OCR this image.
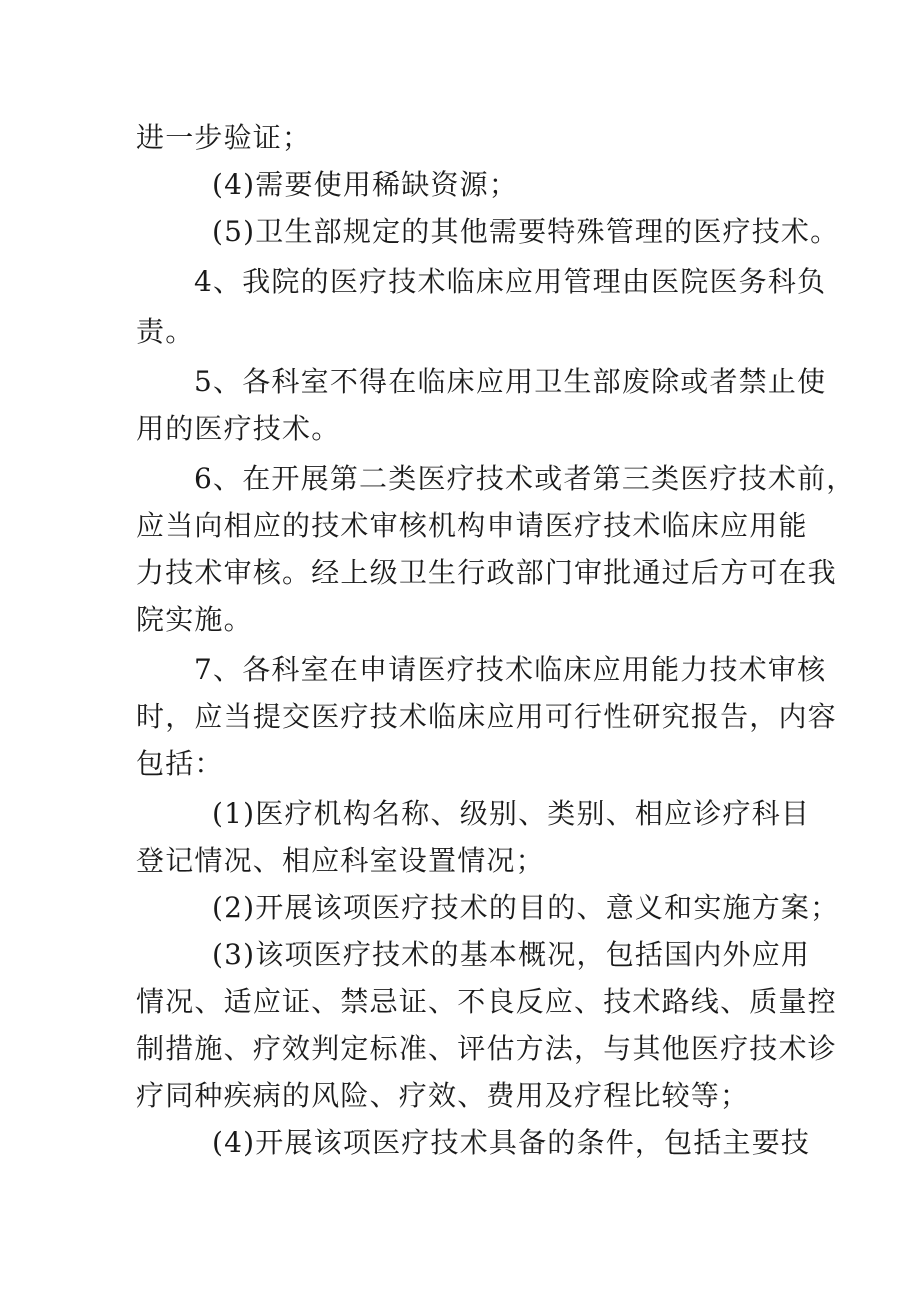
进一步验证；
(4)需要使用稀缺资源；
( 5 ) 卫 生 部 规 定 的 其 他 需 要 特 殊 管 理 的 医 疗 技 术 。
4 、 我 院 的 医 疗 技 术 临 床 应 用 管 理 由 医 院 医 务 科 负
责。
5 、 各 科 室 不 得 在 临 床 应 用 卫 生 部 废 除 或 者 禁 止 使
用的医疗技术。
6 、 在 开 展 第 二 类 医 疗 技 术 或 者 第 三 类 医 疗 技 术 前 ，
应 当 向 相 应 的 技 术 审 核 机 构 申 请 医 疗 技 术 临 床 应 用 能
力 技 术 审 核 。 经 上 级 卫 生 行 政 部 门 审 批 通 过 后 方 可 在 我
院实施。
7 、 各 科 室 在 申 请 医 疗 技 术 临 床 应 用 能 力 技 术 审 核
时 ， 应 当 提 交 医 疗 技 术 临 床 应 用 可 行 性 研 究 报 告 ， 内 容
包括：
( 1 ) 医 疗 机 构 名 称 、 级 别 、 类 别 、 相 应 诊 疗 科 目
登记情况、相应科室设置情况；
( 2 ) 开 展 该 项 医 疗 技 术 的 目 的 、 意 义 和 实 施 方 案 ；
( 3 ) 该 项 医 疗 技 术 的 基 本 概 况 ， 包 括 国 内 外 应 用
情 况 、 适 应 证 、 禁 忌 证 、 不 良 反 应 、 技 术 路 线 、 质 量 控
制 措 施 、 疗 效 判 定 标 准 、 评 估 方 法 ， 与 其 他 医 疗 技 术 诊
疗同种疾病的风险、疗效、费用及疗程比较等；
( 4 ) 开 展 该 项 医 疗 技 术 具 备 的 条 件 ， 包 括 主 要 技
